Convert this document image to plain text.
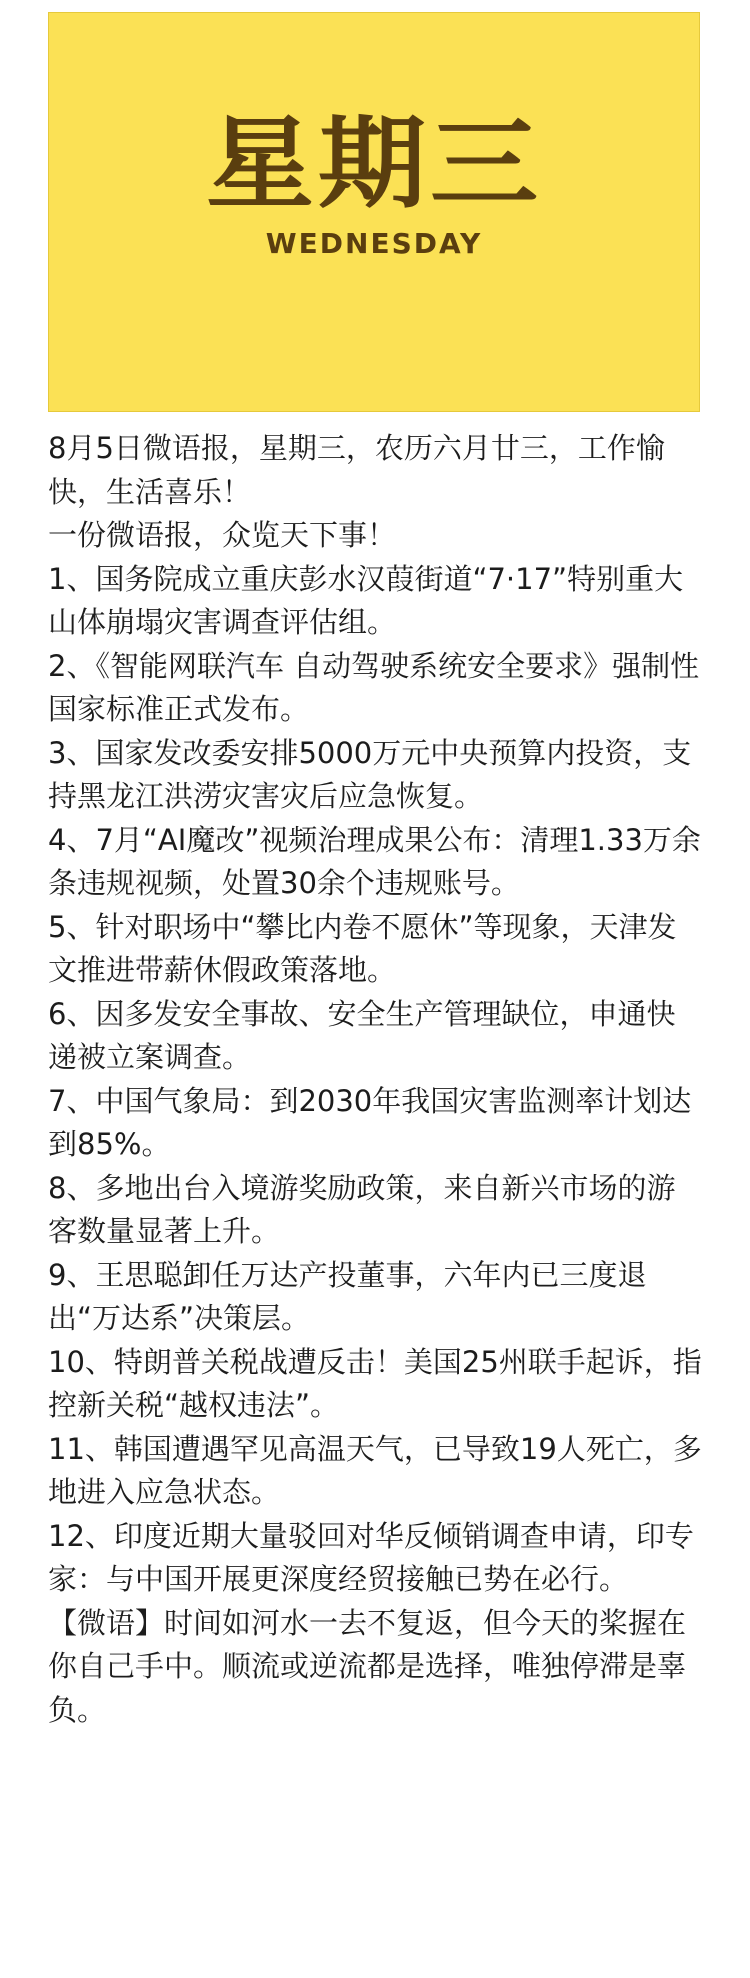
星期三
WEDNESDAY

8月5日微语报，星期三，农历六月廿三，工作愉快，生活喜乐！

一份微语报，众览天下事！

1、国务院成立重庆彭水汉葭街道“7·17”特别重大山体崩塌灾害调查评估组。

2、《智能网联汽车 自动驾驶系统安全要求》强制性国家标准正式发布。

3、国家发改委安排5000万元中央预算内投资，支持黑龙江洪涝灾害灾后应急恢复。

4、7月“AI魔改”视频治理成果公布：清理1.33万余条违规视频，处置30余个违规账号。

5、针对职场中“攀比内卷不愿休”等现象，天津发文推进带薪休假政策落地。

6、因多发安全事故、安全生产管理缺位，申通快递被立案调查。

7、中国气象局：到2030年我国灾害监测率计划达到85%。

8、多地出台入境游奖励政策，来自新兴市场的游客数量显著上升。

9、王思聪卸任万达产投董事，六年内已三度退出“万达系”决策层。

10、特朗普关税战遭反击！美国25州联手起诉，指控新关税“越权违法”。

11、韩国遭遇罕见高温天气，已导致19人死亡，多地进入应急状态。

12、印度近期大量驳回对华反倾销调查申请，印专家：与中国开展更深度经贸接触已势在必行。

【微语】时间如河水一去不复返，但今天的桨握在你自己手中。顺流或逆流都是选择，唯独停滞是辜负。
